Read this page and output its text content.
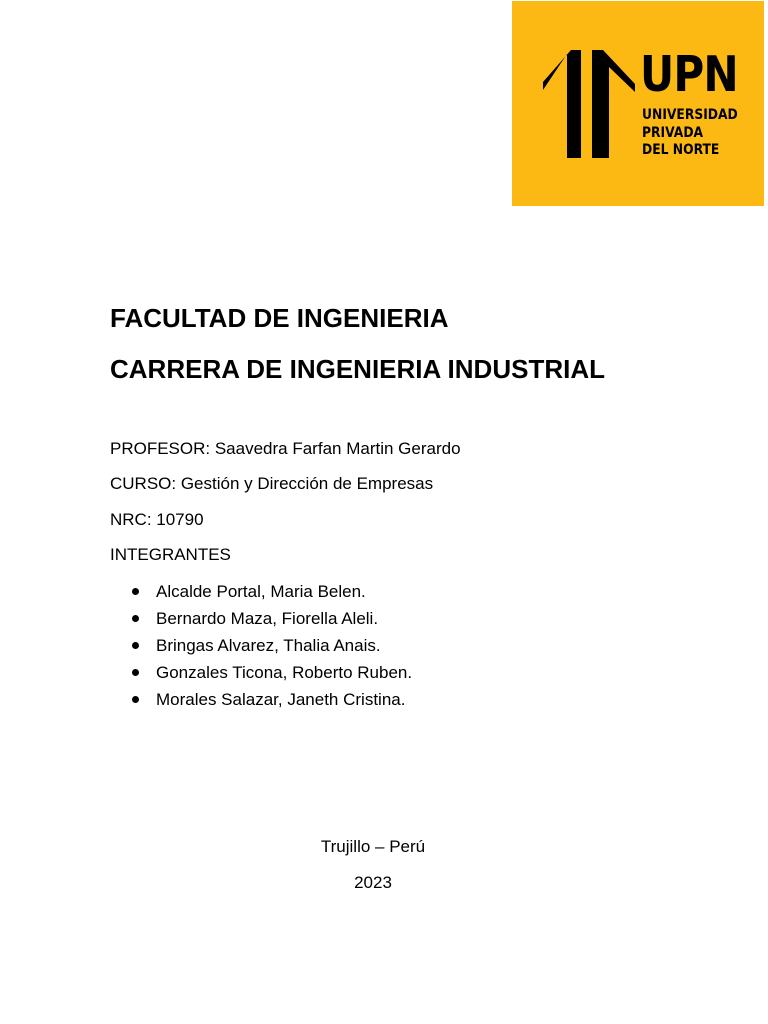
UPN
UNIVERSIDAD
PRIVADA
DEL NORTE
FACULTAD DE INGENIERIA
CARRERA DE INGENIERIA INDUSTRIAL

PROFESOR: Saavedra Farfan Martin Gerardo

CURSO: Gestión y Dirección de Empresas

NRC: 10790

INTEGRANTES

Alcalde Portal, Maria Belen.
Bernardo Maza, Fiorella Aleli.
Bringas Alvarez, Thalia Anais.
Gonzales Ticona, Roberto Ruben.
Morales Salazar, Janeth Cristina.

Trujillo – Perú

2023
